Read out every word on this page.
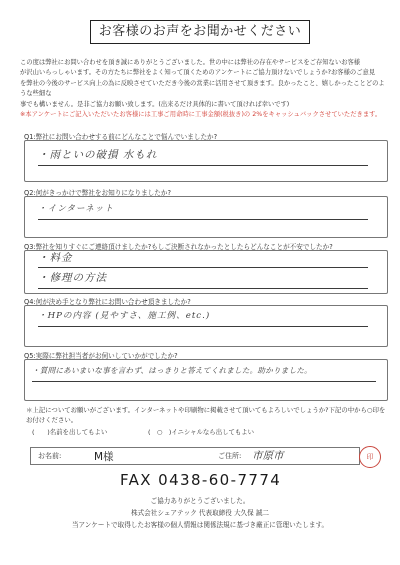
お客様のお声をお聞かせください
この度は弊社にお問い合わせを頂き誠にありがとうございました。世の中には弊社の存在やサービスをご存知ないお客様
が沢山いらっしゃいます。その方たちに弊社をよく知って頂くためのアンケートにご協力頂けないでしょうか?お客様のご意見
を弊社の今後のサービス向上の為に反映させていただき今後の営業に活用させて頂きます。良かったこと、嬉しかったことどのような些細な
事でも構いません。是非ご協力お願い致します。(出来るだけ具体的に書いて頂ければ幸いです)
※本アンケートにご記入いただいたお客様には工事ご用命時に工事金額(税抜き)の 2%をキャッシュバックさせていただきます。
Q1:弊社にお問い合わせする前にどんなことで悩んでいましたか?
・雨といの破損 水もれ
Q2:何がきっかけで弊社をお知りになりましたか?
・インターネット
Q3:弊社を知りすぐにご連絡頂けましたか?もしご決断されなかったとしたらどんなことが不安でしたか?
・料金
・修理の方法
Q4:何が決め手となり弊社にお問い合わせ頂きましたか?
・HPの内容 (見やすさ、施工例、etc.)
Q5:実際に弊社担当者がお伺いしていかがでしたか?
・質問にあいまいな事を言わず、はっきりと答えてくれました。助かりました。
＊上記についてお願いがございます。インターネットや印刷物に掲載させて頂いてもよろしいでしょうか?下記の中から○印を
お付けください。
(　　)名前を出してもよい	(　○　)イニシャルなら出してもよい
お名前:	M様	ご住所: 市原市	印
FAX 0438-60-7774
ご協力ありがとうございました。
株式会社シェアテック 代表取締役 大久保 誠二
当アンケートで取得したお客様の個人情報は関係法規に基づき厳正に管理いたします。
